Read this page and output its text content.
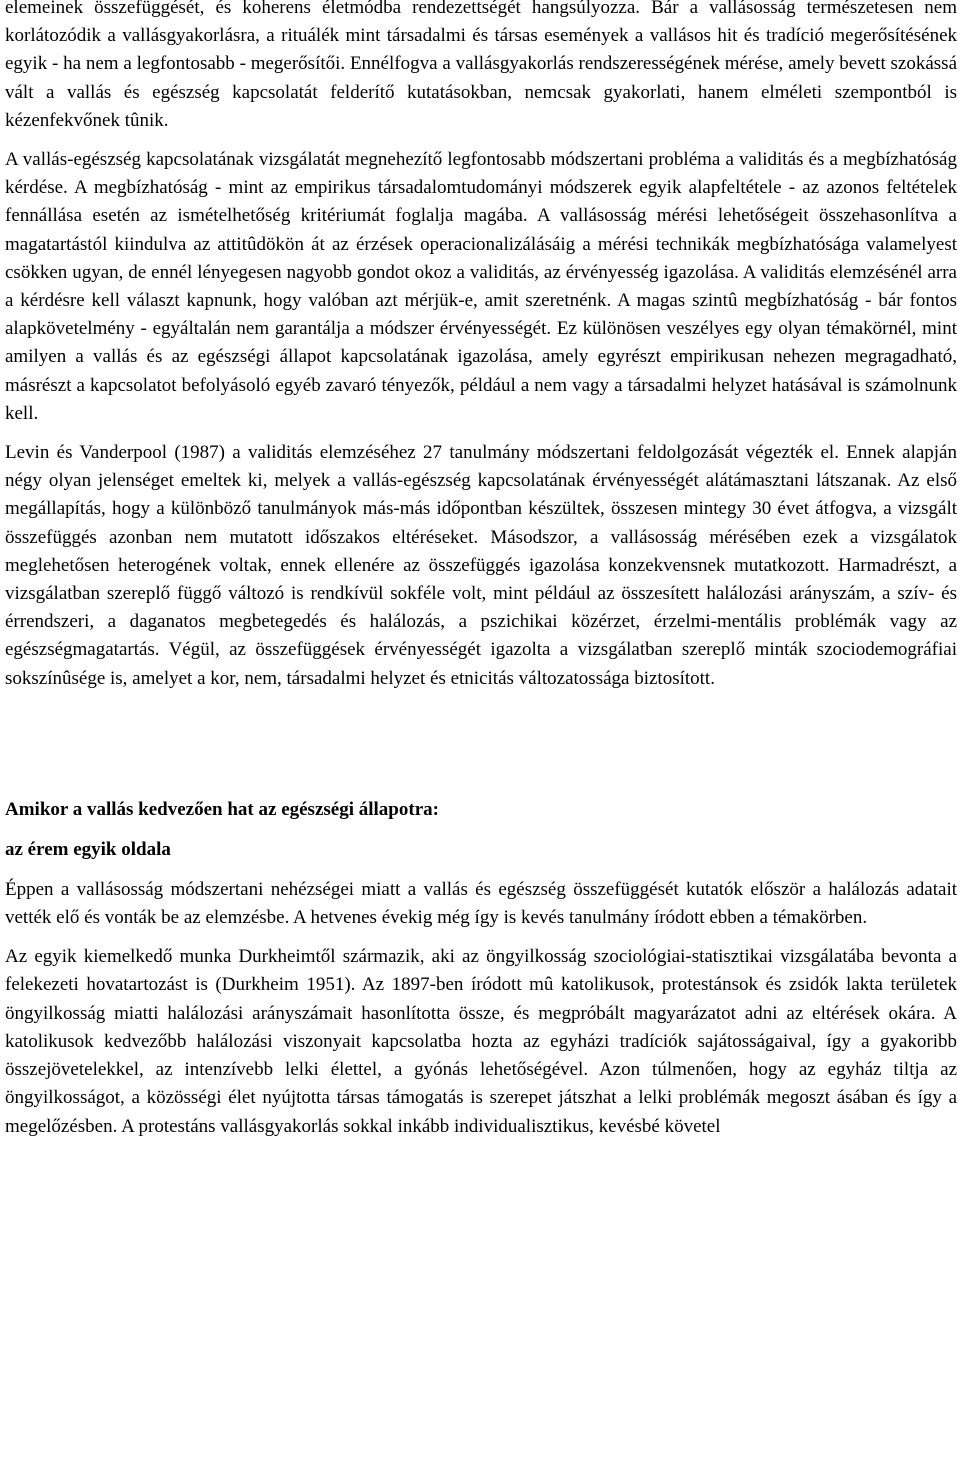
elemeinek összefüggését, és koherens életmódba rendezettségét hangsúlyozza. Bár a vallásosság természetesen nem korlátozódik a vallásgyakorlásra, a rituálék mint társadalmi és társas események a vallásos hit és tradíció megerősítésének egyik - ha nem a legfontosabb - megerősítői. Ennélfogva a vallásgyakorlás rendszerességének mérése, amely bevett szokássá vált a vallás és egészség kapcsolatát felderítő kutatásokban, nemcsak gyakorlati, hanem elméleti szempontból is kézenfekvőnek tûnik.

A vallás-egészség kapcsolatának vizsgálatát megnehezítő legfontosabb módszertani probléma a validitás és a megbízhatóság kérdése. A megbízhatóság - mint az empirikus társadalomtudományi módszerek egyik alapfeltétele - az azonos feltételek fennállása esetén az ismételhetőség kritériumát foglalja magába. A vallásosság mérési lehetőségeit összehasonlítva a magatartástól kiindulva az attitûdökön át az érzések operacionalizálásáig a mérési technikák megbízhatósága valamelyest csökken ugyan, de ennél lényegesen nagyobb gondot okoz a validitás, az érvényesség igazolása. A validitás elemzésénél arra a kérdésre kell választ kapnunk, hogy valóban azt mérjük-e, amit szeretnénk. A magas szintû megbízhatóság - bár fontos alapkövetelmény - egyáltalán nem garantálja a módszer érvényességét. Ez különösen veszélyes egy olyan témakörnél, mint amilyen a vallás és az egészségi állapot kapcsolatának igazolása, amely egyrészt empirikusan nehezen megragadható, másrészt a kapcsolatot befolyásoló egyéb zavaró tényezők, például a nem vagy a társadalmi helyzet hatásával is számolnunk kell.

Levin és Vanderpool (1987) a validitás elemzéséhez 27 tanulmány módszertani feldolgozását végezték el. Ennek alapján négy olyan jelenséget emeltek ki, melyek a vallás-egészség kapcsolatának érvényességét alátámasztani látszanak. Az első megállapítás, hogy a különböző tanulmányok más-más időpontban készültek, összesen mintegy 30 évet átfogva, a vizsgált összefüggés azonban nem mutatott időszakos eltéréseket. Másodszor, a vallásosság mérésében ezek a vizsgálatok meglehetősen heterogének voltak, ennek ellenére az összefüggés igazolása konzekvensnek mutatkozott. Harmadrészt, a vizsgálatban szereplő függő változó is rendkívül sokféle volt, mint például az összesített halálozási arányszám, a szív- és érrendszeri, a daganatos megbetegedés és halálozás, a pszichikai közérzet, érzelmi-mentális problémák vagy az egészségmagatartás. Végül, az összefüggések érvényességét igazolta a vizsgálatban szereplő minták szociodemográfiai sokszínûsége is, amelyet a kor, nem, társadalmi helyzet és etnicitás változatossága biztosított.

Amikor a vallás kedvezően hat az egészségi állapotra:
az érem egyik oldala

Éppen a vallásosság módszertani nehézségei miatt a vallás és egészség összefüggését kutatók először a halálozás adatait vették elő és vonták be az elemzésbe. A hetvenes évekig még így is kevés tanulmány íródott ebben a témakörben.

Az egyik kiemelkedő munka Durkheimtől származik, aki az öngyilkosság szociológiai-statisztikai vizsgálatába bevonta a felekezeti hovatartozást is (Durkheim 1951). Az 1897-ben íródott mû katolikusok, protestánsok és zsidók lakta területek öngyilkosság miatti halálozási arányszámait hasonlította össze, és megpróbált magyarázatot adni az eltérések okára. A katolikusok kedvezőbb halálozási viszonyait kapcsolatba hozta az egyházi tradíciók sajátosságaival, így a gyakoribb összejövetelekkel, az intenzívebb lelki élettel, a gyónás lehetőségével. Azon túlmenően, hogy az egyház tiltja az öngyilkosságot, a közösségi élet nyújtotta társas támogatás is szerepet játszhat a lelki problémák megoszt ásában és így a megelőzésben. A protestáns vallásgyakorlás sokkal inkább individualisztikus, kevésbé követel
